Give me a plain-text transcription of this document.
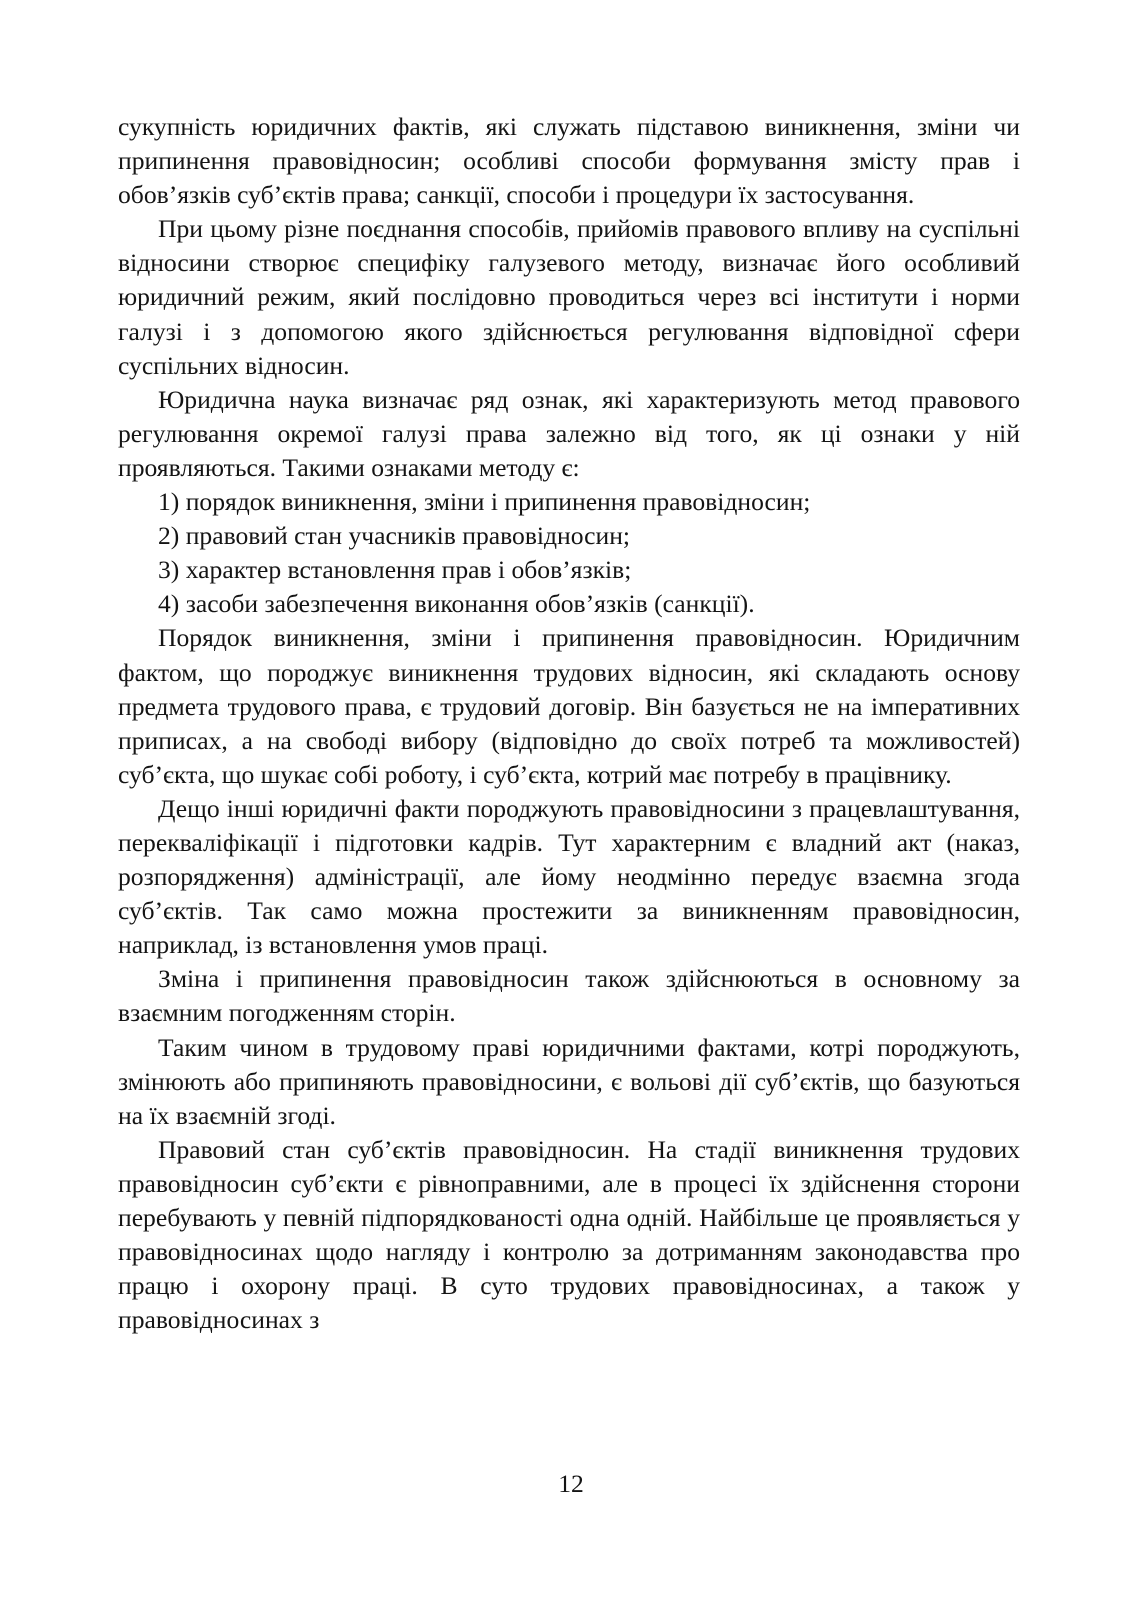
сукупність юридичних фактів, які служать підставою виникнення, зміни чи припинення правовідносин; особливі способи формування змісту прав і обов’язків суб’єктів права; санкції, способи і процедури їх застосування.

При цьому різне поєднання способів, прийомів правового впливу на суспільні відносини створює специфіку галузевого методу, визначає його особливий юридичний режим, який послідовно проводиться через всі інститути і норми галузі і з допомогою якого здійснюється регулювання відповідної сфери суспільних відносин.

Юридична наука визначає ряд ознак, які характеризують метод правового регулювання окремої галузі права залежно від того, як ці ознаки у ній проявляються. Такими ознаками методу є:

1) порядок виникнення, зміни і припинення правовідносин;

2) правовий стан учасників правовідносин;

3) характер встановлення прав і обов’язків;

4) засоби забезпечення виконання обов’язків (санкції).

Порядок виникнення, зміни і припинення правовідносин. Юридичним фактом, що породжує виникнення трудових відносин, які складають основу предмета трудового права, є трудовий договір. Він базується не на імперативних приписах, а на свободі вибору (відповідно до своїх потреб та можливостей) суб’єкта, що шукає собі роботу, і суб’єкта, котрий має потребу в працівнику.

Дещо інші юридичні факти породжують правовідносини з працевлаштування, перекваліфікації і підготовки кадрів. Тут характерним є владний акт (наказ, розпорядження) адміністрації, але йому неодмінно передує взаємна згода суб’єктів. Так само можна простежити за виникненням правовідносин, наприклад, із встановлення умов праці.

Зміна і припинення правовідносин також здійснюються в основному за взаємним погодженням сторін.

Таким чином в трудовому праві юридичними фактами, котрі породжують, змінюють або припиняють правовідносини, є вольові дії суб’єктів, що базуються на їх взаємній згоді.

Правовий стан суб’єктів правовідносин. На стадії виникнення трудових правовідносин суб’єкти є рівноправними, але в процесі їх здійснення сторони перебувають у певній підпорядкованості одна одній. Найбільше це проявляється у правовідносинах щодо нагляду і контролю за дотриманням законодавства про працю і охорону праці. В суто трудових правовідносинах, а також у правовідносинах з

12
